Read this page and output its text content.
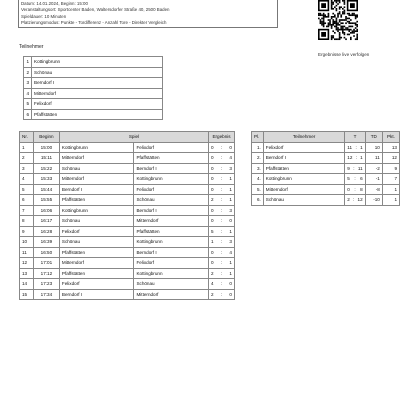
Datum: 14.01.2024, Beginn: 15:00
Veranstaltungsort: Sportcenter Baden, Waltersdorfer Straße 40, 2500 Baden
Spieldauer: 10 Minuten
Platzierungsmodus: Punkte - Tordifferenz - Anzahl Tore - Direkter Vergleich
Ergebnisse live verfolgen
Teilnehmer
1	Kottingbrunn
2	Schönau
3	Berndorf I
4	Mitterndorf
5	Felixdorf
6	Pfaffstätten
Nr.	Beginn	Spiel		Ergebnis
1	15:00	Kottingbrunn	Felixdorf	0 : 0

2	15:11	Mitterndorf	Pfaffstätten	0 : 4

3	15:22	Schönau	Berndorf I	0 : 3

4	15:33	Mitterndorf	Kottingbrunn	0 : 1

5	15:44	Berndorf I	Felixdorf	0 : 1

6	15:55	Pfaffstätten	Schönau	2 : 1

7	16:06	Kottingbrunn	Berndorf I	0 : 3

8	16:17	Schönau	Mitterndorf	0 : 0

9	16:28	Felixdorf	Pfaffstätten	5 : 1

10	16:39	Schönau	Kottingbrunn	1 : 3

11	16:50	Pfaffstätten	Berndorf I	0 : 4

12	17:01	Mitterndorf	Felixdorf	0 : 1

13	17:12	Pfaffstätten	Kottingbrunn	2 : 1

14	17:23	Felixdorf	Schönau	4 : 0

15	17:34	Berndorf I	Mitterndorf	2 : 0
Pl.	Teilnehmer	T	TD	Pkt.
1.	Felixdorf	11 : 1	10	13
2.	Berndorf I	12 : 1	11	12
3.	Pfaffstätten	9 : 11	-2	9
4.	Kottingbrunn	5 : 6	-1	7
5.	Mitterndorf	0 : 8	-8	1
6.	Schönau	2 : 12	-10	1
